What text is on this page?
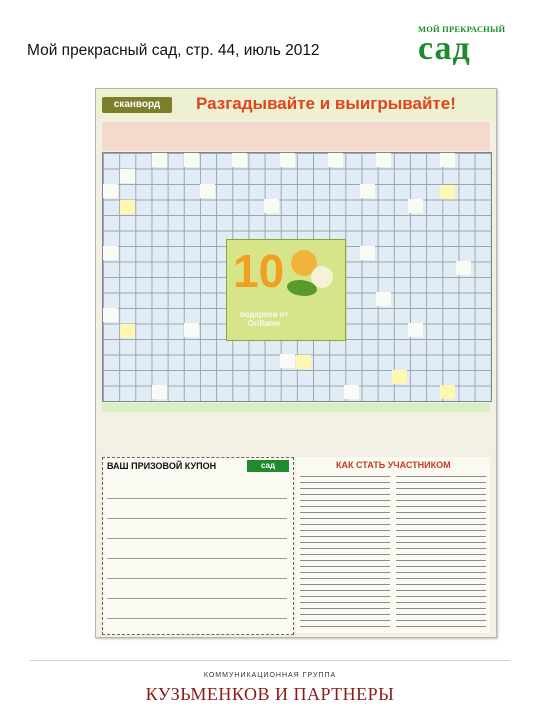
Мой прекрасный сад, стр. 44, июль 2012
МОЙ ПРЕКРАСНЫЙ
сад
сканворд	Разгадывайте и выигрывайте!
10
подарков от Oriflame
ВАШ ПРИЗОВОЙ КУПОН	сад	КАК СТАТЬ УЧАСТНИКОМ
КОММУНИКАЦИОННАЯ ГРУППА
КУЗЬМЕНКОВ И ПАРТНЕРЫ
